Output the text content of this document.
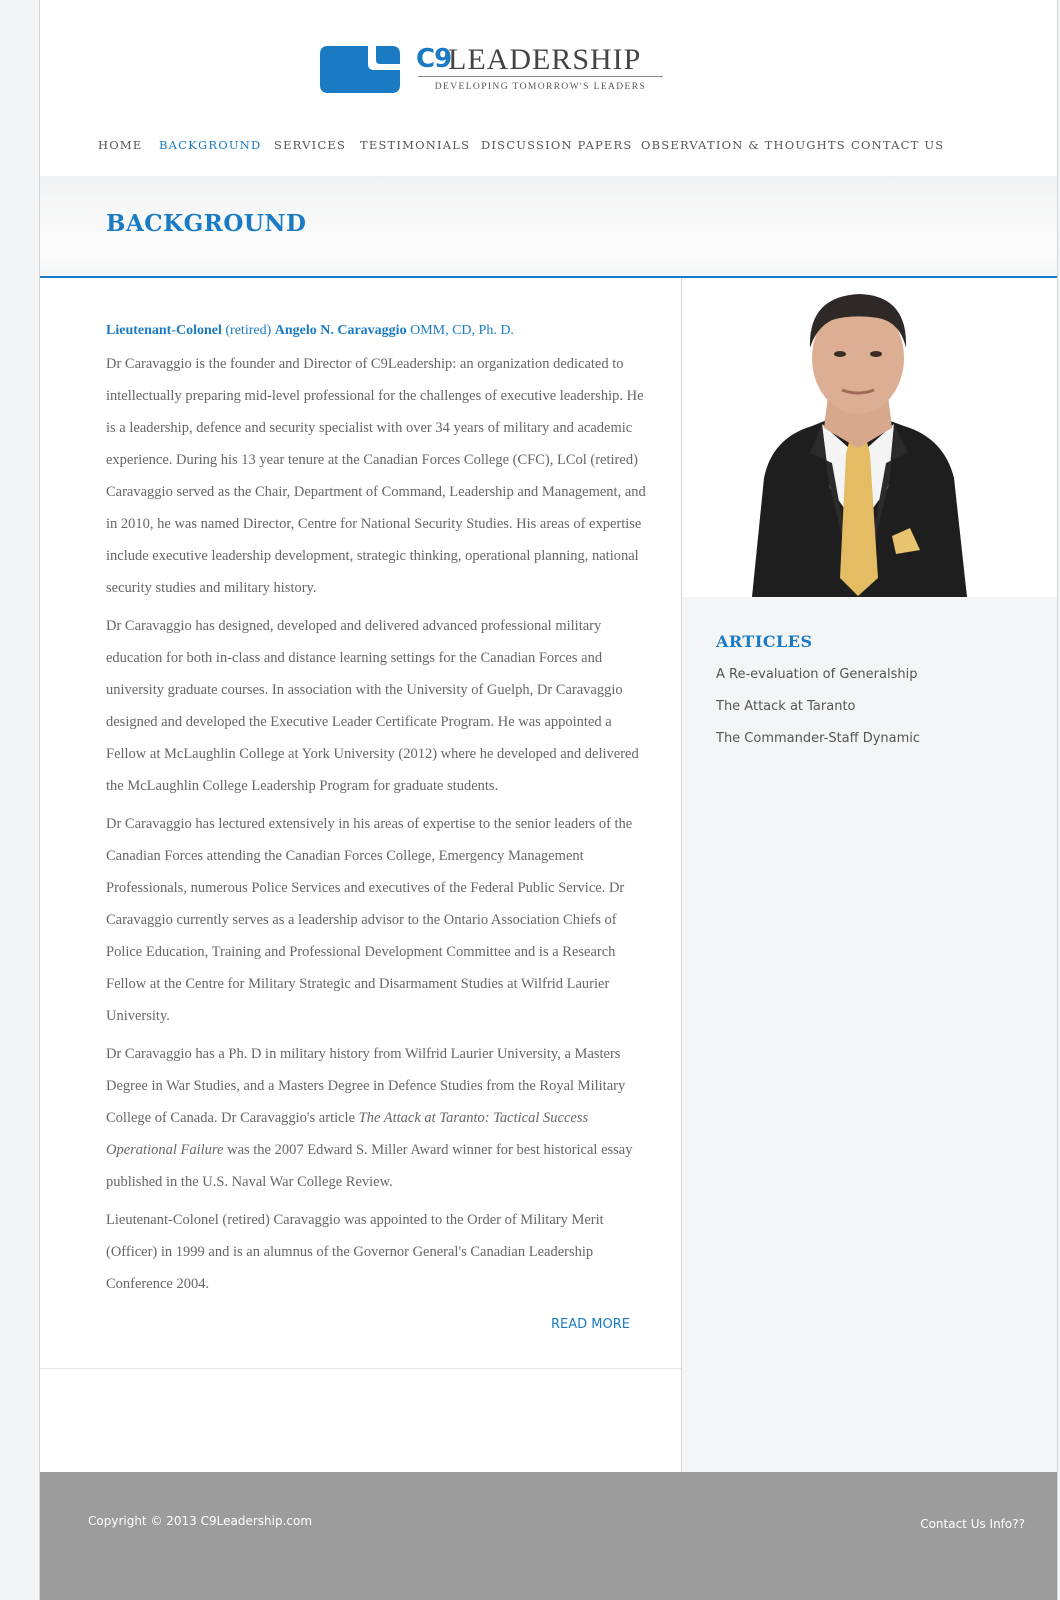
C9
LEADERSHIP
DEVELOPING TOMORROW'S LEADERS
HOME BACKGROUND SERVICES TESTIMONIALS DISCUSSION PAPERS OBSERVATION & THOUGHTS CONTACT US
BACKGROUND
Lieutenant-Colonel (retired) Angelo N. Caravaggio OMM, CD, Ph. D.

Dr Caravaggio is the founder and Director of C9Leadership: an organization dedicated to intellectually preparing mid-level professional for the challenges of executive leadership. He is a leadership, defence and security specialist with over 34 years of military and academic experience. During his 13 year tenure at the Canadian Forces College (CFC), LCol (retired) Caravaggio served as the Chair, Department of Command, Leadership and Management, and in 2010, he was named Director, Centre for National Security Studies. His areas of expertise include executive leadership development, strategic thinking, operational planning, national security studies and military history.

Dr Caravaggio has designed, developed and delivered advanced professional military education for both in-class and distance learning settings for the Canadian Forces and university graduate courses. In association with the University of Guelph, Dr Caravaggio designed and developed the Executive Leader Certificate Program. He was appointed a Fellow at McLaughlin College at York University (2012) where he developed and delivered the McLaughlin College Leadership Program for graduate students.

Dr Caravaggio has lectured extensively in his areas of expertise to the senior leaders of the Canadian Forces attending the Canadian Forces College, Emergency Management Professionals, numerous Police Services and executives of the Federal Public Service. Dr Caravaggio currently serves as a leadership advisor to the Ontario Association Chiefs of Police Education, Training and Professional Development Committee and is a Research Fellow at the Centre for Military Strategic and Disarmament Studies at Wilfrid Laurier University.

Dr Caravaggio has a Ph. D in military history from Wilfrid Laurier University, a Masters Degree in War Studies, and a Masters Degree in Defence Studies from the Royal Military College of Canada. Dr Caravaggio's article The Attack at Taranto: Tactical Success Operational Failure was the 2007 Edward S. Miller Award winner for best historical essay published in the U.S. Naval War College Review.

Lieutenant-Colonel (retired) Caravaggio was appointed to the Order of Military Merit (Officer) in 1999 and is an alumnus of the Governor General's Canadian Leadership Conference 2004.

READ MORE
ARTICLES
A Re-evaluation of Generalship
The Attack at Taranto
The Commander-Staff Dynamic
Copyright © 2013 C9Leadership.com	Contact Us Info??
